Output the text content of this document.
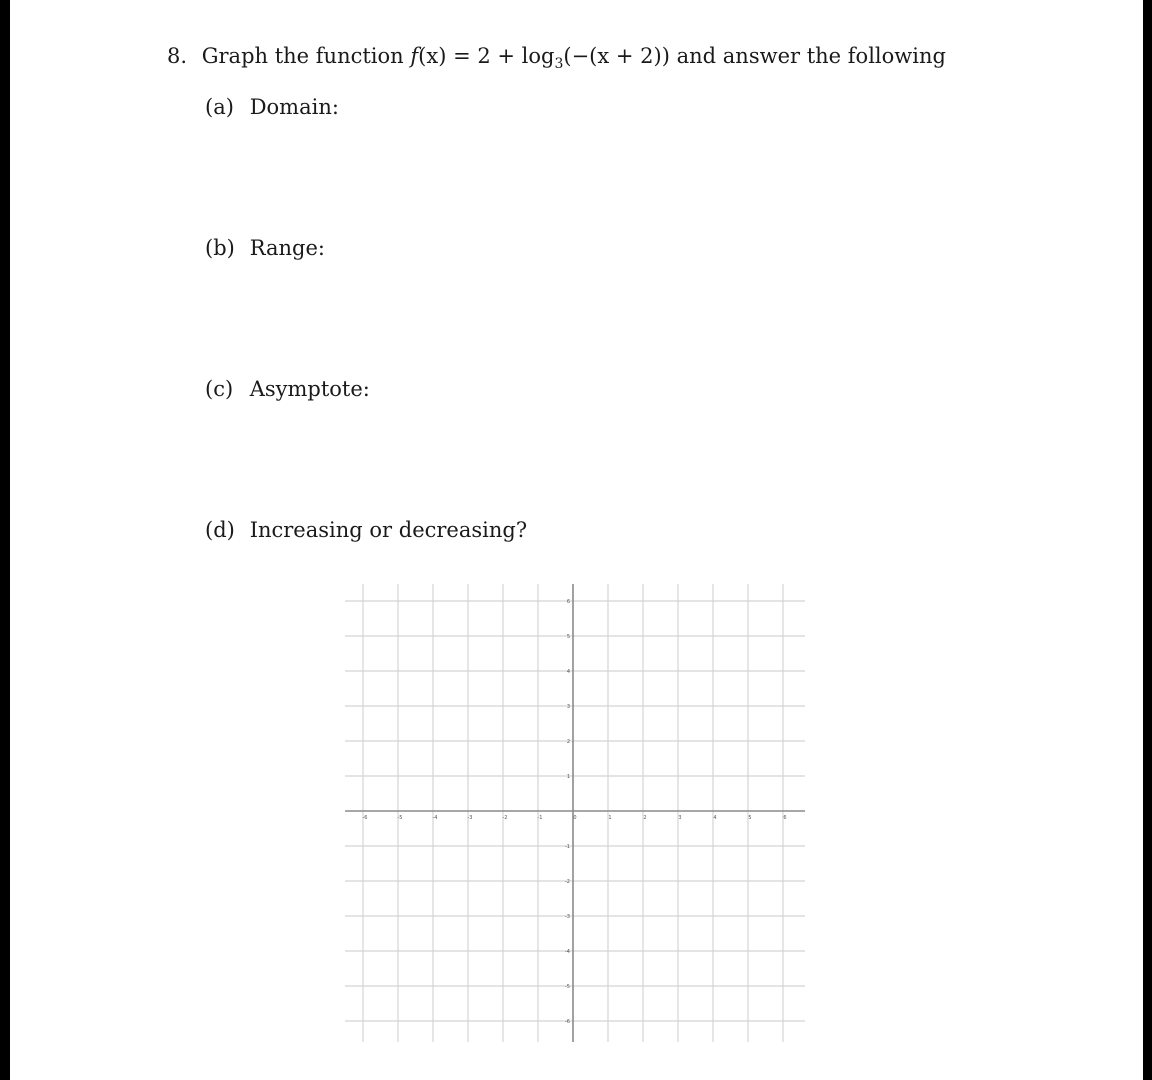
8. Graph the function $f(x) = 2 + \log_3(-(x + 2))$ and answer the following
(a) Domain:
(b) Range:
(c) Asymptote:
(d) Increasing or decreasing?
-6	-5	-4	-3	-2	-1	0	1	2	3	4	5	6
6
5
4
3
2
1
-1
-2
-3
-4
-5
-6
